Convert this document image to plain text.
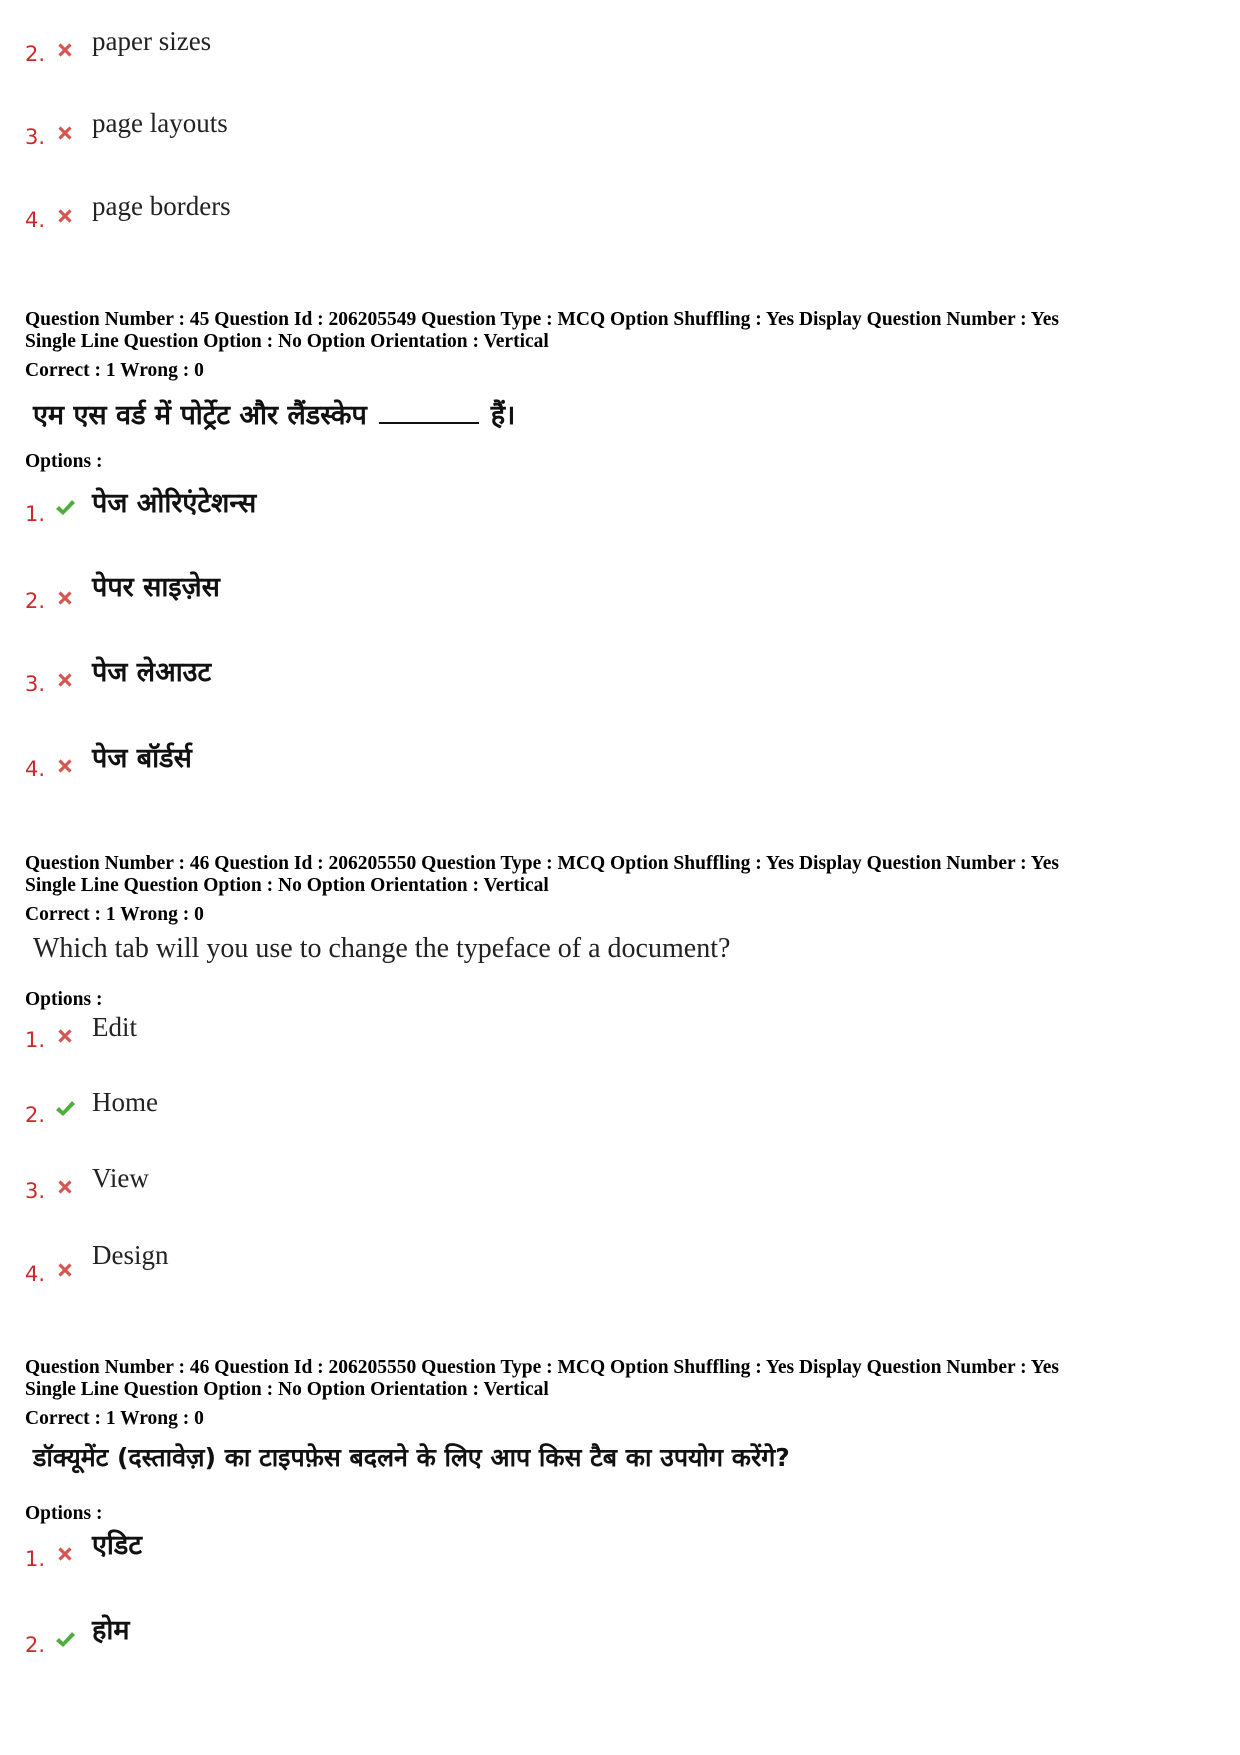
2. paper sizes
3. page layouts
4. page borders
Question Number : 45 Question Id : 206205549 Question Type : MCQ Option Shuffling : Yes Display Question Number : Yes
Single Line Question Option : No Option Orientation : Vertical
Correct : 1 Wrong : 0
एम एस वर्ड में पोर्ट्रेट और लैंडस्केप	हैं।
Options :
1. पेज ओरिएंटेशन्स
2. पेपर साइज़ेस
3. पेज लेआउट
4. पेज बॉर्डर्स
Question Number : 46 Question Id : 206205550 Question Type : MCQ Option Shuffling : Yes Display Question Number : Yes
Single Line Question Option : No Option Orientation : Vertical
Correct : 1 Wrong : 0
Which tab will you use to change the typeface of a document?
Options :
1. Edit
2. Home
3. View
4.
Design
Question Number : 46 Question Id : 206205550 Question Type : MCQ Option Shuffling : Yes Display Question Number : Yes
Single Line Question Option : No Option Orientation : Vertical
Correct : 1 Wrong : 0
डॉक्यूमेंट (दस्तावेज़) का टाइपफ़ेस बदलने के लिए आप किस टैब का उपयोग करेंगे?
Options :
1. एडिट
2. होम
